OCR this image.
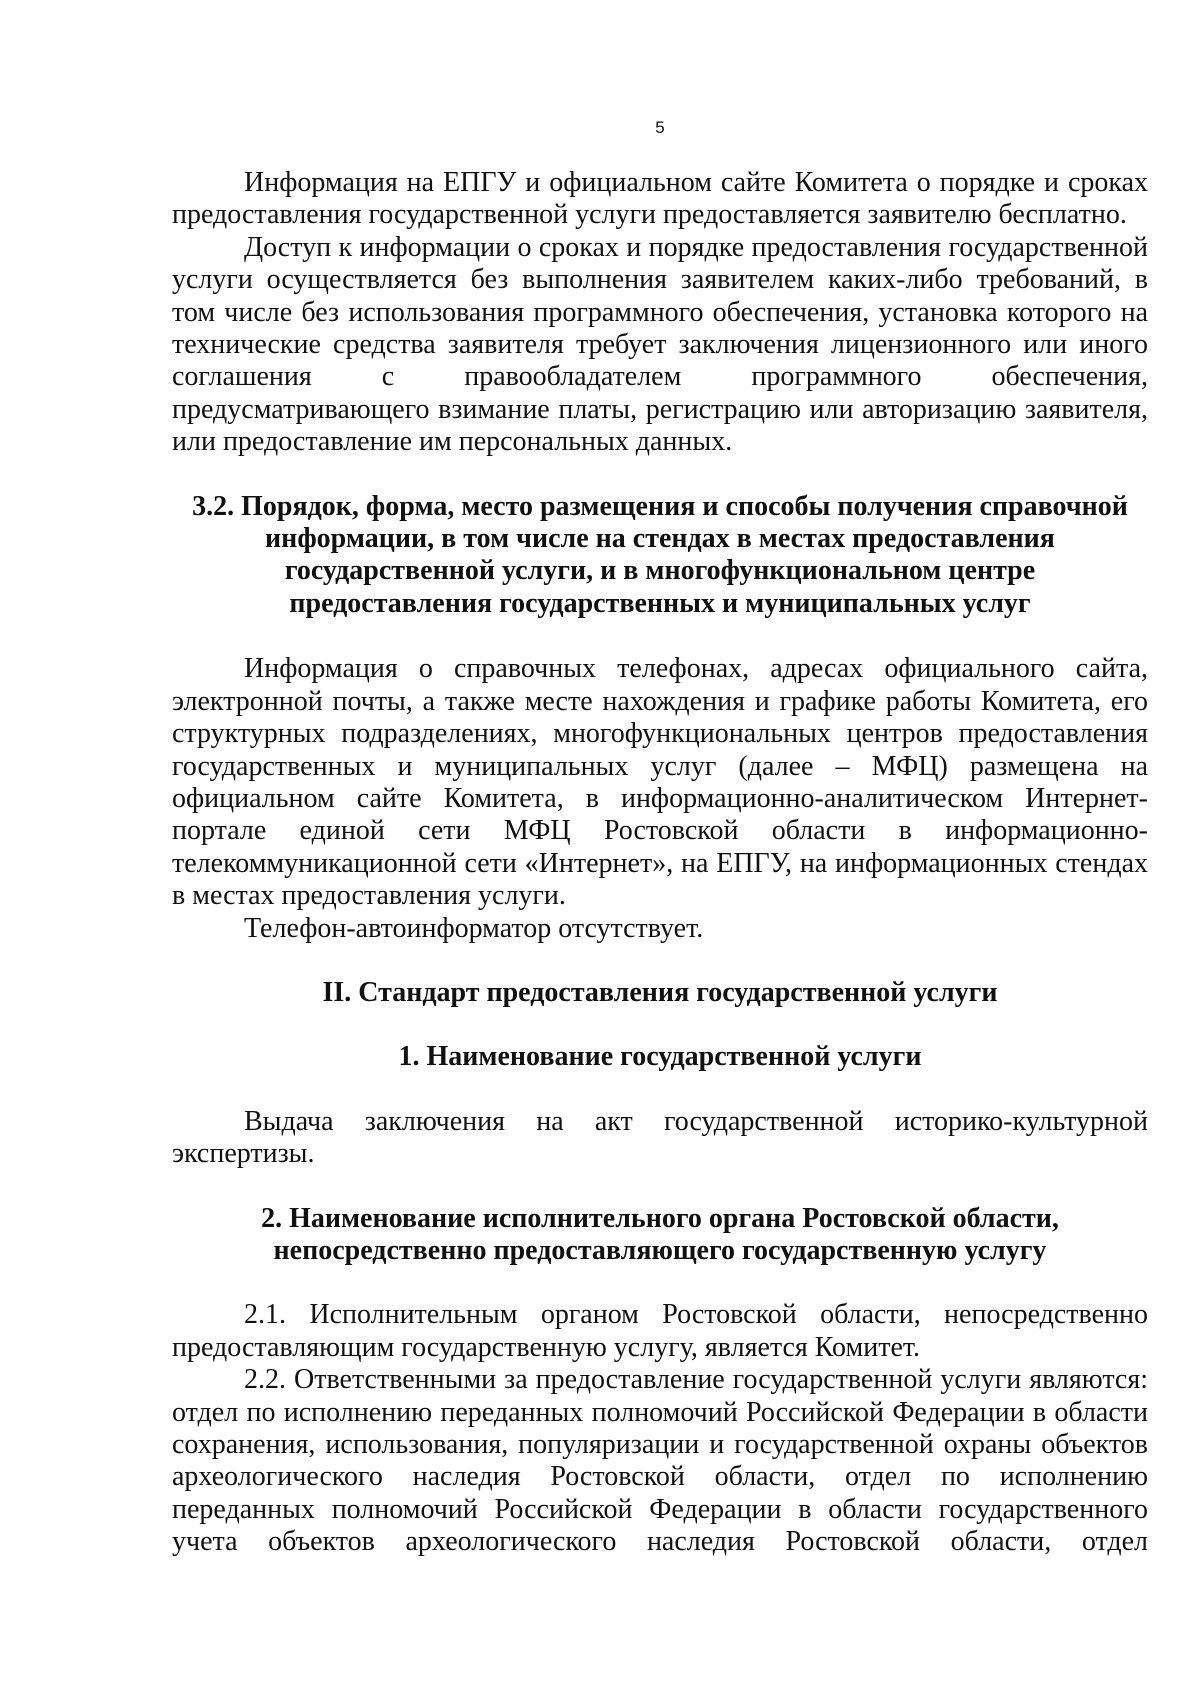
5

Информация на ЕПГУ и официальном сайте Комитета о порядке и сроках предоставления государственной услуги предоставляется заявителю бесплатно.

Доступ к информации о сроках и порядке предоставления государственной услуги осуществляется без выполнения заявителем каких-либо требований, в том числе без использования программного обеспечения, установка которого на технические средства заявителя требует заключения лицензионного или иного соглашения с правообладателем программного обеспечения, предусматривающего взимание платы, регистрацию или авторизацию заявителя, или предоставление им персональных данных.

3.2. Порядок, форма, место размещения и способы получения справочной

информации, в том числе на стендах в местах предоставления

государственной услуги, и в многофункциональном центре

предоставления государственных и муниципальных услуг

Информация о справочных телефонах, адресах официального сайта, электронной почты, а также месте нахождения и графике работы Комитета, его структурных подразделениях, многофункциональных центров предоставления государственных и муниципальных услуг (далее – МФЦ) размещена на официальном сайте Комитета, в информационно-аналитическом Интернет-портале единой сети МФЦ Ростовской области в информационно-телекоммуникационной сети «Интернет», на ЕПГУ, на информационных стендах в местах предоставления услуги.

Телефон-автоинформатор отсутствует.

II. Стандарт предоставления государственной услуги

1. Наименование государственной услуги

Выдача заключения на акт государственной историко-культурной экспертизы.

2. Наименование исполнительного органа Ростовской области,

непосредственно предоставляющего государственную услугу

2.1. Исполнительным органом Ростовской области, непосредственно предоставляющим государственную услугу, является Комитет.

2.2. Ответственными за предоставление государственной услуги являются: отдел по исполнению переданных полномочий Российской Федерации в области сохранения, использования, популяризации и государственной охраны объектов археологического наследия Ростовской области, отдел по исполнению переданных полномочий Российской Федерации в области государственного учета объектов археологического наследия Ростовской области, отдел
